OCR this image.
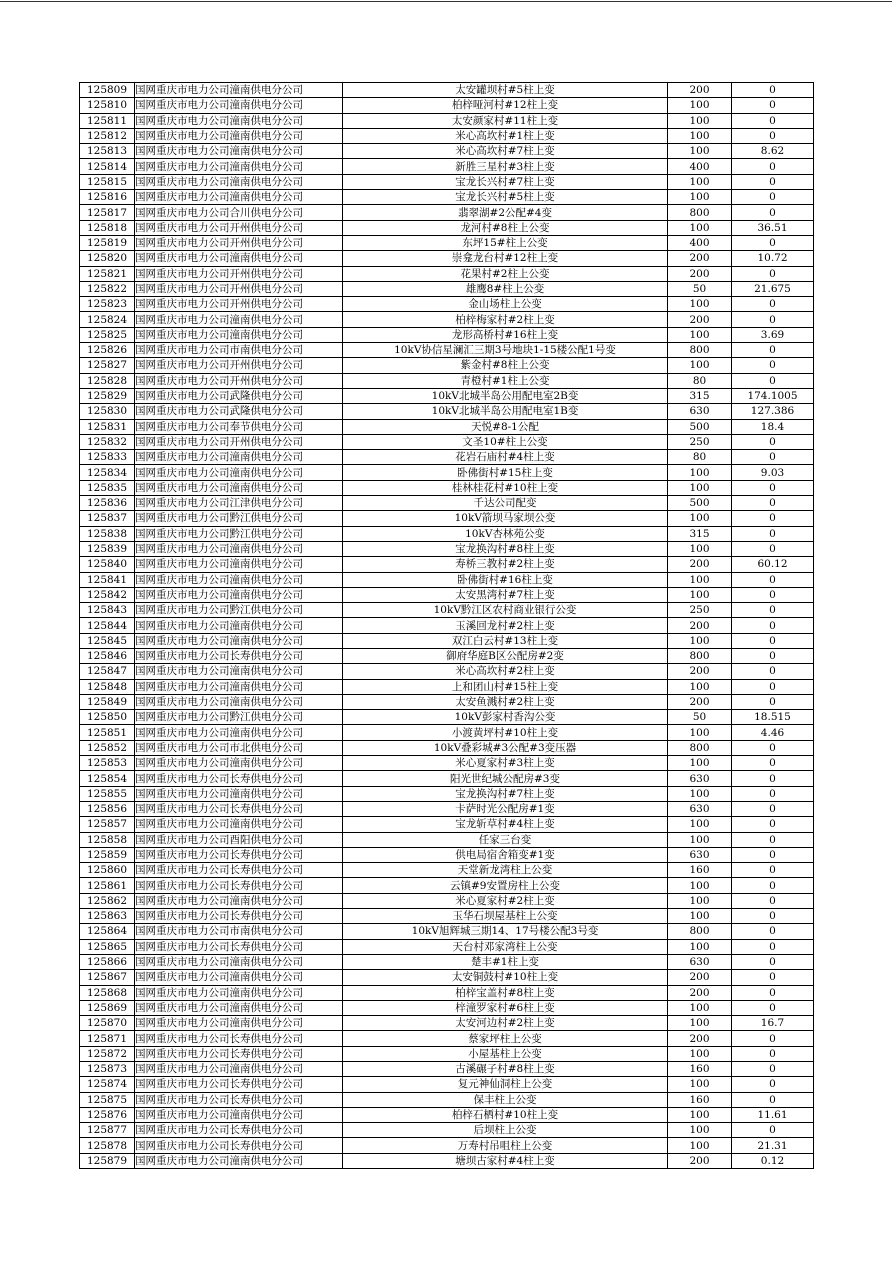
125809	国网重庆市电力公司潼南供电分公司	太安罐坝村#5柱上变	200	0
125810	国网重庆市电力公司潼南供电分公司	柏梓哑河村#12柱上变	100	0
125811	国网重庆市电力公司潼南供电分公司	太安颜家村#11柱上变	100	0
125812	国网重庆市电力公司潼南供电分公司	米心高坎村#1柱上变	100	0
125813	国网重庆市电力公司潼南供电分公司	米心高坎村#7柱上变	100	8.62
125814	国网重庆市电力公司潼南供电分公司	新胜三星村#3柱上变	400	0
125815	国网重庆市电力公司潼南供电分公司	宝龙长兴村#7柱上变	100	0
125816	国网重庆市电力公司潼南供电分公司	宝龙长兴村#5柱上变	100	0
125817	国网重庆市电力公司合川供电分公司	翡翠湖#2公配#4变	800	0
125818	国网重庆市电力公司开州供电分公司	龙河村#8柱上公变	100	36.51
125819	国网重庆市电力公司开州供电分公司	东坪15#柱上公变	400	0
125820	国网重庆市电力公司潼南供电分公司	崇龛龙台村#12柱上变	200	10.72
125821	国网重庆市电力公司开州供电分公司	花果村#2柱上公变	200	0
125822	国网重庆市电力公司开州供电分公司	雄鹰8#柱上公变	50	21.675
125823	国网重庆市电力公司开州供电分公司	金山场柱上公变	100	0
125824	国网重庆市电力公司潼南供电分公司	柏梓梅家村#2柱上变	200	0
125825	国网重庆市电力公司潼南供电分公司	龙形高桥村#16柱上变	100	3.69
125826	国网重庆市电力公司市南供电分公司	10kV协信星澜汇三期3号地块1-15楼公配1号变	800	0
125827	国网重庆市电力公司开州供电分公司	紫金村#8柱上公变	100	0
125828	国网重庆市电力公司开州供电分公司	青橙村#1柱上公变	80	0
125829	国网重庆市电力公司武隆供电分公司	10kV北城半岛公用配电室2B变	315	174.1005
125830	国网重庆市电力公司武隆供电分公司	10kV北城半岛公用配电室1B变	630	127.386
125831	国网重庆市电力公司奉节供电分公司	天悦#8-1公配	500	18.4
125832	国网重庆市电力公司开州供电分公司	文圣10#柱上公变	250	0
125833	国网重庆市电力公司潼南供电分公司	花岩石庙村#4柱上变	80	0
125834	国网重庆市电力公司潼南供电分公司	卧佛街村#15柱上变	100	9.03
125835	国网重庆市电力公司潼南供电分公司	桂林桂花村#10柱上变	100	0
125836	国网重庆市电力公司江津供电分公司	千达公司配变	500	0
125837	国网重庆市电力公司黔江供电分公司	10kV箭坝马家坝公变	100	0
125838	国网重庆市电力公司黔江供电分公司	10kV杏林苑公变	315	0
125839	国网重庆市电力公司潼南供电分公司	宝龙换沟村#8柱上变	100	0
125840	国网重庆市电力公司潼南供电分公司	寿桥三教村#2柱上变	200	60.12
125841	国网重庆市电力公司潼南供电分公司	卧佛街村#16柱上变	100	0
125842	国网重庆市电力公司潼南供电分公司	太安黑湾村#7柱上变	100	0
125843	国网重庆市电力公司黔江供电分公司	10kV黔江区农村商业银行公变	250	0
125844	国网重庆市电力公司潼南供电分公司	玉溪回龙村#2柱上变	200	0
125845	国网重庆市电力公司潼南供电分公司	双江白云村#13柱上变	100	0
125846	国网重庆市电力公司长寿供电分公司	御府华庭B区公配房#2变	800	0
125847	国网重庆市电力公司潼南供电分公司	米心高坎村#2柱上变	200	0
125848	国网重庆市电力公司潼南供电分公司	上和团山村#15柱上变	100	0
125849	国网重庆市电力公司潼南供电分公司	太安鱼溅村#2柱上变	200	0
125850	国网重庆市电力公司黔江供电分公司	10kV彭家村香沟公变	50	18.515
125851	国网重庆市电力公司潼南供电分公司	小渡黄坪村#10柱上变	100	4.46
125852	国网重庆市电力公司市北供电分公司	10kV叠彩城#3公配#3变压器	800	0
125853	国网重庆市电力公司潼南供电分公司	米心夏家村#3柱上变	100	0
125854	国网重庆市电力公司长寿供电分公司	阳光世纪城公配房#3变	630	0
125855	国网重庆市电力公司潼南供电分公司	宝龙换沟村#7柱上变	100	0
125856	国网重庆市电力公司长寿供电分公司	卡萨时光公配房#1变	630	0
125857	国网重庆市电力公司潼南供电分公司	宝龙斩草村#4柱上变	100	0
125858	国网重庆市电力公司酉阳供电分公司	任家三台变	100	0
125859	国网重庆市电力公司长寿供电分公司	供电局宿舍箱变#1变	630	0
125860	国网重庆市电力公司长寿供电分公司	天堂新龙湾柱上公变	160	0
125861	国网重庆市电力公司长寿供电分公司	云镇#9安置房柱上公变	100	0
125862	国网重庆市电力公司潼南供电分公司	米心夏家村#2柱上变	100	0
125863	国网重庆市电力公司长寿供电分公司	玉华石坝屋基柱上公变	100	0
125864	国网重庆市电力公司市南供电分公司	10kV旭辉城三期14、17号楼公配3号变	800	0
125865	国网重庆市电力公司长寿供电分公司	天台村邓家湾柱上公变	100	0
125866	国网重庆市电力公司潼南供电分公司	楚丰#1柱上变	630	0
125867	国网重庆市电力公司潼南供电分公司	太安铜鼓村#10柱上变	200	0
125868	国网重庆市电力公司潼南供电分公司	柏梓宝盖村#8柱上变	200	0
125869	国网重庆市电力公司潼南供电分公司	梓潼罗家村#6柱上变	100	0
125870	国网重庆市电力公司潼南供电分公司	太安河边村#2柱上变	100	16.7
125871	国网重庆市电力公司长寿供电分公司	蔡家坪柱上公变	200	0
125872	国网重庆市电力公司长寿供电分公司	小屋基柱上公变	100	0
125873	国网重庆市电力公司潼南供电分公司	古溪碾子村#8柱上变	160	0
125874	国网重庆市电力公司长寿供电分公司	复元神仙洞柱上公变	100	0
125875	国网重庆市电力公司长寿供电分公司	保丰柱上公变	160	0
125876	国网重庆市电力公司潼南供电分公司	柏梓石栖村#10柱上变	100	11.61
125877	国网重庆市电力公司长寿供电分公司	后坝柱上公变	100	0
125878	国网重庆市电力公司长寿供电分公司	万寿村吊咀柱上公变	100	21.31
125879	国网重庆市电力公司潼南供电分公司	塘坝古家村#4柱上变	200	0.12
